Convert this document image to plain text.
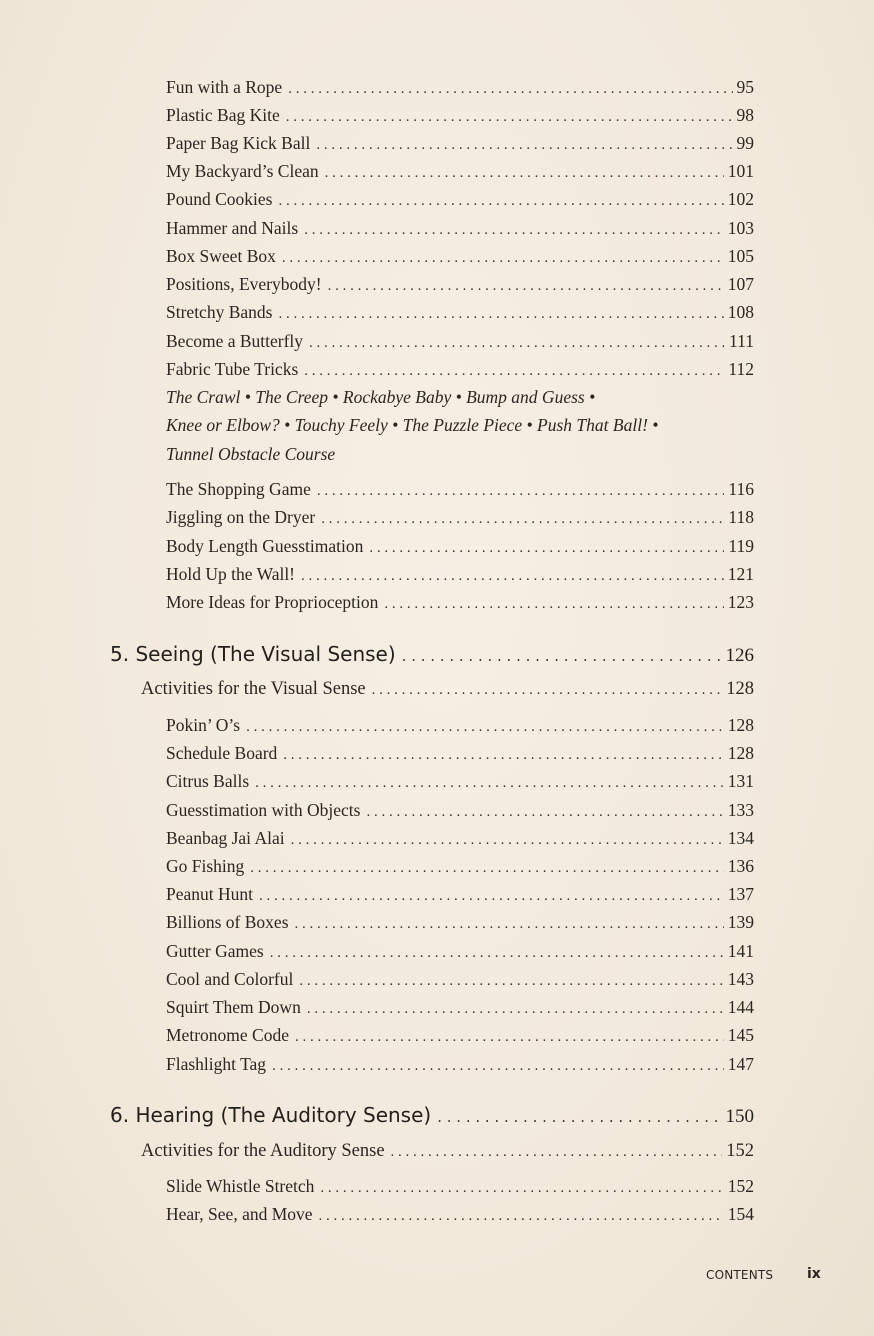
Fun with a Rope . . .	95
Plastic Bag Kite . . .	98
Paper Bag Kick Ball . . .	99
My Backyard’s Clean . . .	101
Pound Cookies . . .	102
Hammer and Nails . . .	103
Box Sweet Box . . .	105
Positions, Everybody! . . .	107
Stretchy Bands . . .	108
Become a Butterfly . . .	111
Fabric Tube Tricks . . .	112
The Crawl • The Creep • Rockabye Baby • Bump and Guess •
Knee or Elbow? • Touchy Feely • The Puzzle Piece • Push That Ball! •
Tunnel Obstacle Course
The Shopping Game . . .	116
Jiggling on the Dryer . . .	118
Body Length Guesstimation . . .	119
Hold Up the Wall! . . .	121
More Ideas for Proprioception . . .	123
5. Seeing (The Visual Sense) . . .	126
Activities for the Visual Sense . . .	128
Pokin’ O’s . . .	128
Schedule Board . . .	128
Citrus Balls . . .	131
Guesstimation with Objects . . .	133
Beanbag Jai Alai . . .	134
Go Fishing . . .	136
Peanut Hunt . . .	137
Billions of Boxes . . .	139
Gutter Games . . .	141
Cool and Colorful . . .	143
Squirt Them Down . . .	144
Metronome Code . . .	145
Flashlight Tag . . .	147
6. Hearing (The Auditory Sense) . . .	150
Activities for the Auditory Sense . . .	152
Slide Whistle Stretch . . .	152
Hear, See, and Move . . .	154
CONTENTS ix
